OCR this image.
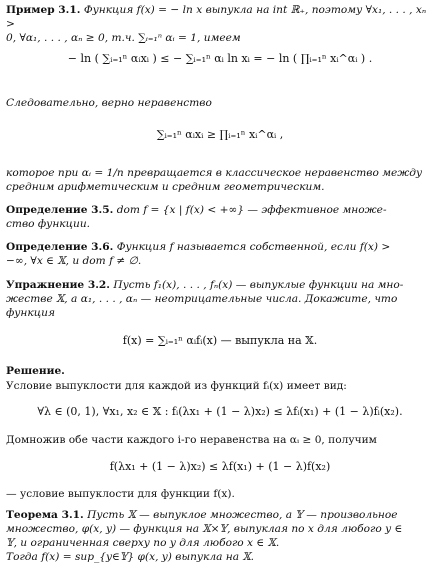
Пример 3.1. Функция f(x) = − ln x выпукла на int ℝ₊, поэтому ∀x₁, . . . , xₙ >
0, ∀α₁, . . . , αₙ ≥ 0, т.ч. ∑ᵢ₌₁ⁿ αᵢ = 1, имеем
− ln ( ∑ᵢ₌₁ⁿ αᵢxᵢ ) ≤ − ∑ᵢ₌₁ⁿ αᵢ ln xᵢ = − ln ( ∏ᵢ₌₁ⁿ xᵢ^αᵢ ) .
Следовательно, верно неравенство
∑ᵢ₌₁ⁿ αᵢxᵢ ≥ ∏ᵢ₌₁ⁿ xᵢ^αᵢ ,
которое при αᵢ = 1/n превращается в классическое неравенство между
средним арифметическим и средним геометрическим.
Определение 3.5. dom f = {x | f(x) < +∞} — эффективное множе-
ство функции.
Определение 3.6. Функция f называется собственной, если f(x) >
−∞, ∀x ∈ 𝕏, и dom f ≠ ∅.
Упражнение 3.2. Пусть f₁(x), . . . , fₙ(x) — выпуклые функции на мно-
жестве 𝕏, а α₁, . . . , αₙ — неотрицательные числа. Докажите, что
функция
f(x) = ∑ᵢ₌₁ⁿ αᵢfᵢ(x) — выпукла на 𝕏.
Решение.
Условие выпуклости для каждой из функций fᵢ(x) имеет вид:
∀λ ∈ (0, 1), ∀x₁, x₂ ∈ 𝕏 : fᵢ(λx₁ + (1 − λ)x₂) ≤ λfᵢ(x₁) + (1 − λ)fᵢ(x₂).
Домножив обе части каждого i-го неравенства на αᵢ ≥ 0, получим
f(λx₁ + (1 − λ)x₂) ≤ λf(x₁) + (1 − λ)f(x₂)
— условие выпуклости для функции f(x).
Теорема 3.1. Пусть 𝕏 — выпуклое множество, а 𝕐 — произвольное
множество, φ(x, y) — функция на 𝕏×𝕐, выпуклая по x для любого y ∈
𝕐, и ограниченная сверху по y для любого x ∈ 𝕏.
Тогда f(x) = sup_{y∈𝕐} φ(x, y) выпукла на 𝕏.
